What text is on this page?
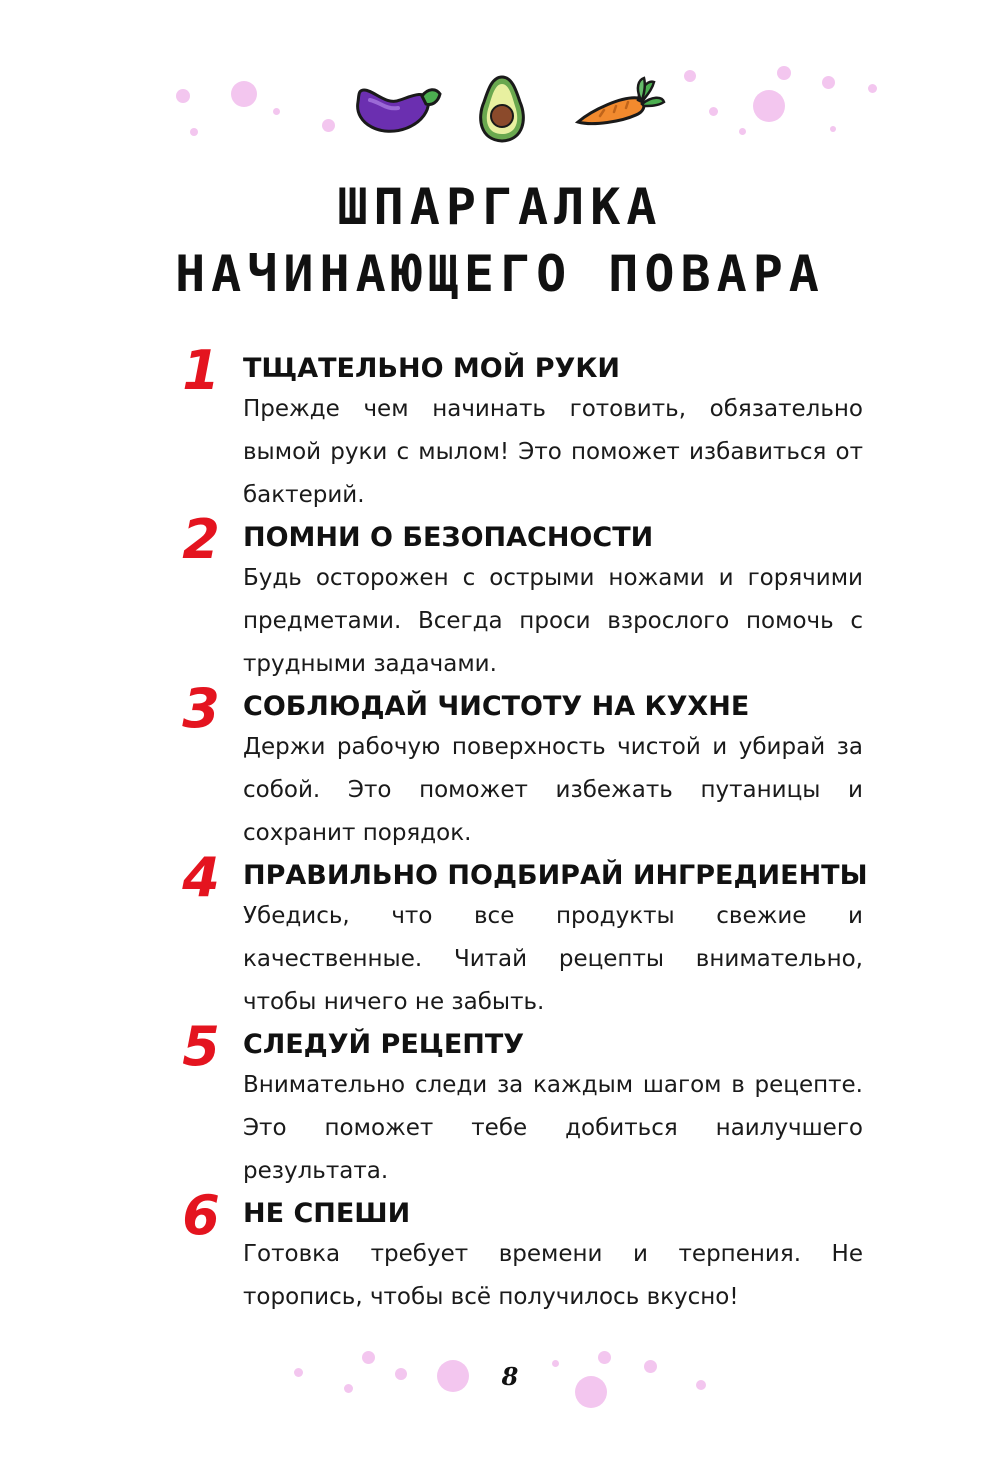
ШПАРГАЛКА
НАЧИНАЮЩЕГО ПОВАРА
1 ТЩАТЕЛЬНО МОЙ РУКИ
Прежде чем начинать готовить, обязательно вымой руки с мылом! Это поможет избавиться от бактерий.
2 ПОМНИ О БЕЗОПАСНОСТИ
Будь осторожен с острыми ножами и горячими предметами. Всегда проси взрослого помочь с трудными задачами.
3 СОБЛЮДАЙ ЧИСТОТУ НА КУХНЕ
Держи рабочую поверхность чистой и убирай за собой. Это поможет избежать путаницы и сохранит порядок.
4 ПРАВИЛЬНО ПОДБИРАЙ ИНГРЕДИЕНТЫ
Убедись, что все продукты свежие и качественные. Читай рецепты внимательно, чтобы ничего не забыть.
5 СЛЕДУЙ РЕЦЕПТУ
Внимательно следи за каждым шагом в рецепте. Это поможет тебе добиться наилучшего результата.
6 НЕ СПЕШИ
Готовка требует времени и терпения. Не торопись, чтобы всё получилось вкусно!
8
